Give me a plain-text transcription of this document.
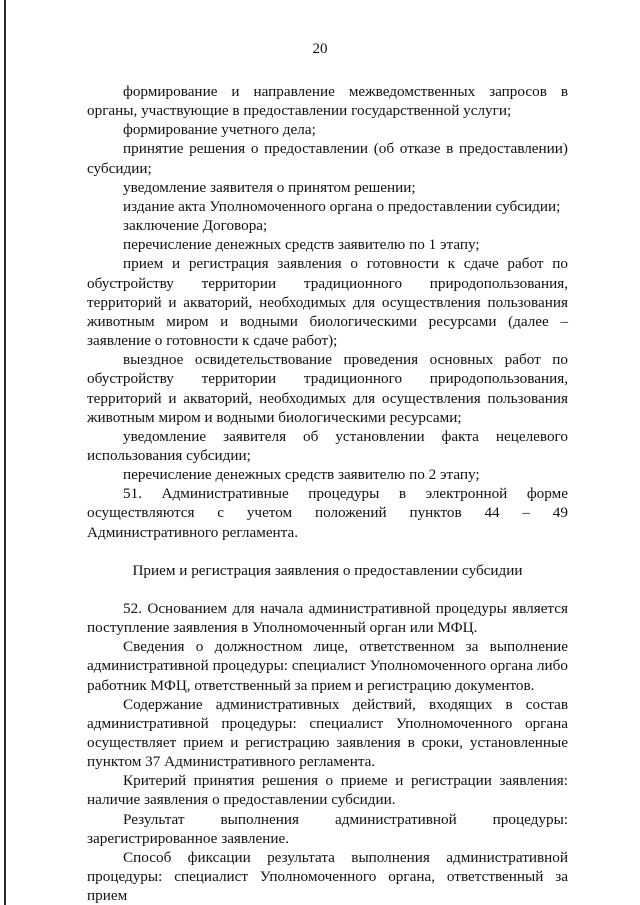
20

формирование и направление межведомственных запросов в органы, участвующие в предоставлении государственной услуги;

формирование учетного дела;

принятие решения о предоставлении (об отказе в предоставлении) субсидии;

уведомление заявителя о принятом решении;

издание акта Уполномоченного органа о предоставлении субсидии;

заключение Договора;

перечисление денежных средств заявителю по 1 этапу;

прием и регистрация заявления о готовности к сдаче работ по обустройству территории традиционного природопользования, территорий и акваторий, необходимых для осуществления пользования животным миром и водными биологическими ресурсами (далее – заявление о готовности к сдаче работ);

выездное освидетельствование проведения основных работ по обустройству территории традиционного природопользования, территорий и акваторий, необходимых для осуществления пользования животным миром и водными биологическими ресурсами;

уведомление заявителя об установлении факта нецелевого использования субсидии;

перечисление денежных средств заявителю по 2 этапу;

51. Административные процедуры в электронной форме осуществляются с учетом положений пунктов 44 – 49 Административного регламента.

Прием и регистрация заявления о предоставлении субсидии

52. Основанием для начала административной процедуры является поступление заявления в Уполномоченный орган или МФЦ.

Сведения о должностном лице, ответственном за выполнение административной процедуры: специалист Уполномоченного органа либо работник МФЦ, ответственный за прием и регистрацию документов.

Содержание административных действий, входящих в состав административной процедуры: специалист Уполномоченного органа осуществляет прием и регистрацию заявления в сроки, установленные пунктом 37 Административного регламента.

Критерий принятия решения о приеме и регистрации заявления: наличие заявления о предоставлении субсидии.

Результат выполнения административной процедуры: зарегистрированное заявление.

Способ фиксации результата выполнения административной процедуры: специалист Уполномоченного органа, ответственный за прием
